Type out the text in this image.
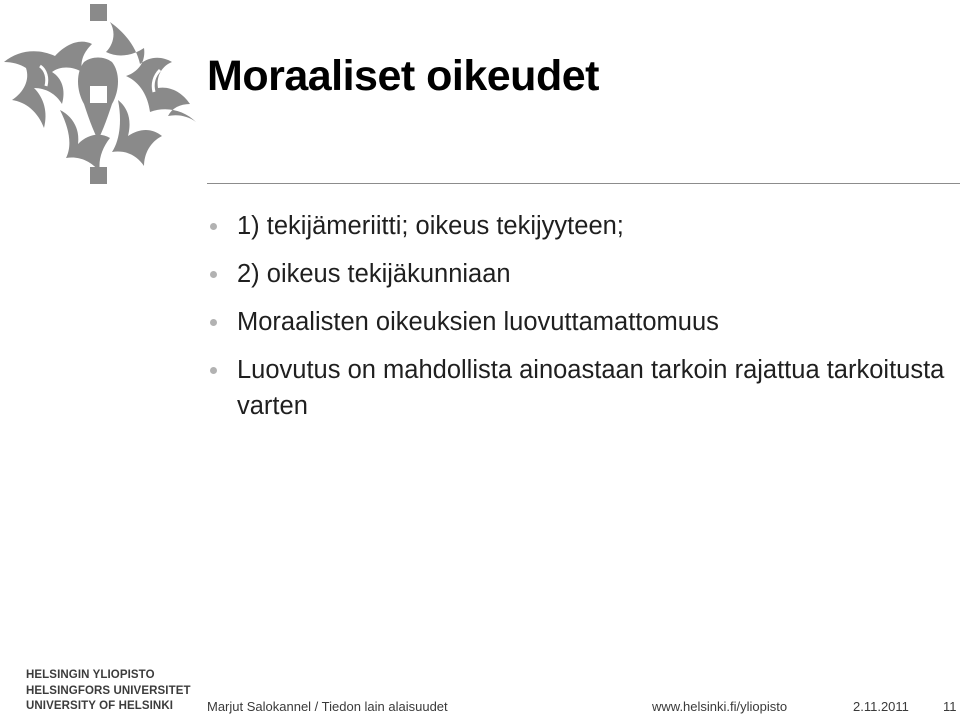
Moraaliset oikeudet
1) tekijämeriitti; oikeus tekijyyteen;
2) oikeus tekijäkunniaan
Moraalisten oikeuksien luovuttamattomuus
Luovutus on mahdollista ainoastaan tarkoin rajattua tarkoitusta varten
HELSINGIN YLIOPISTO
HELSINGFORS UNIVERSITET
UNIVERSITY OF HELSINKI	Marjut Salokannel / Tiedon lain alaisuudet	www.helsinki.fi/yliopisto	2.11.2011	11
